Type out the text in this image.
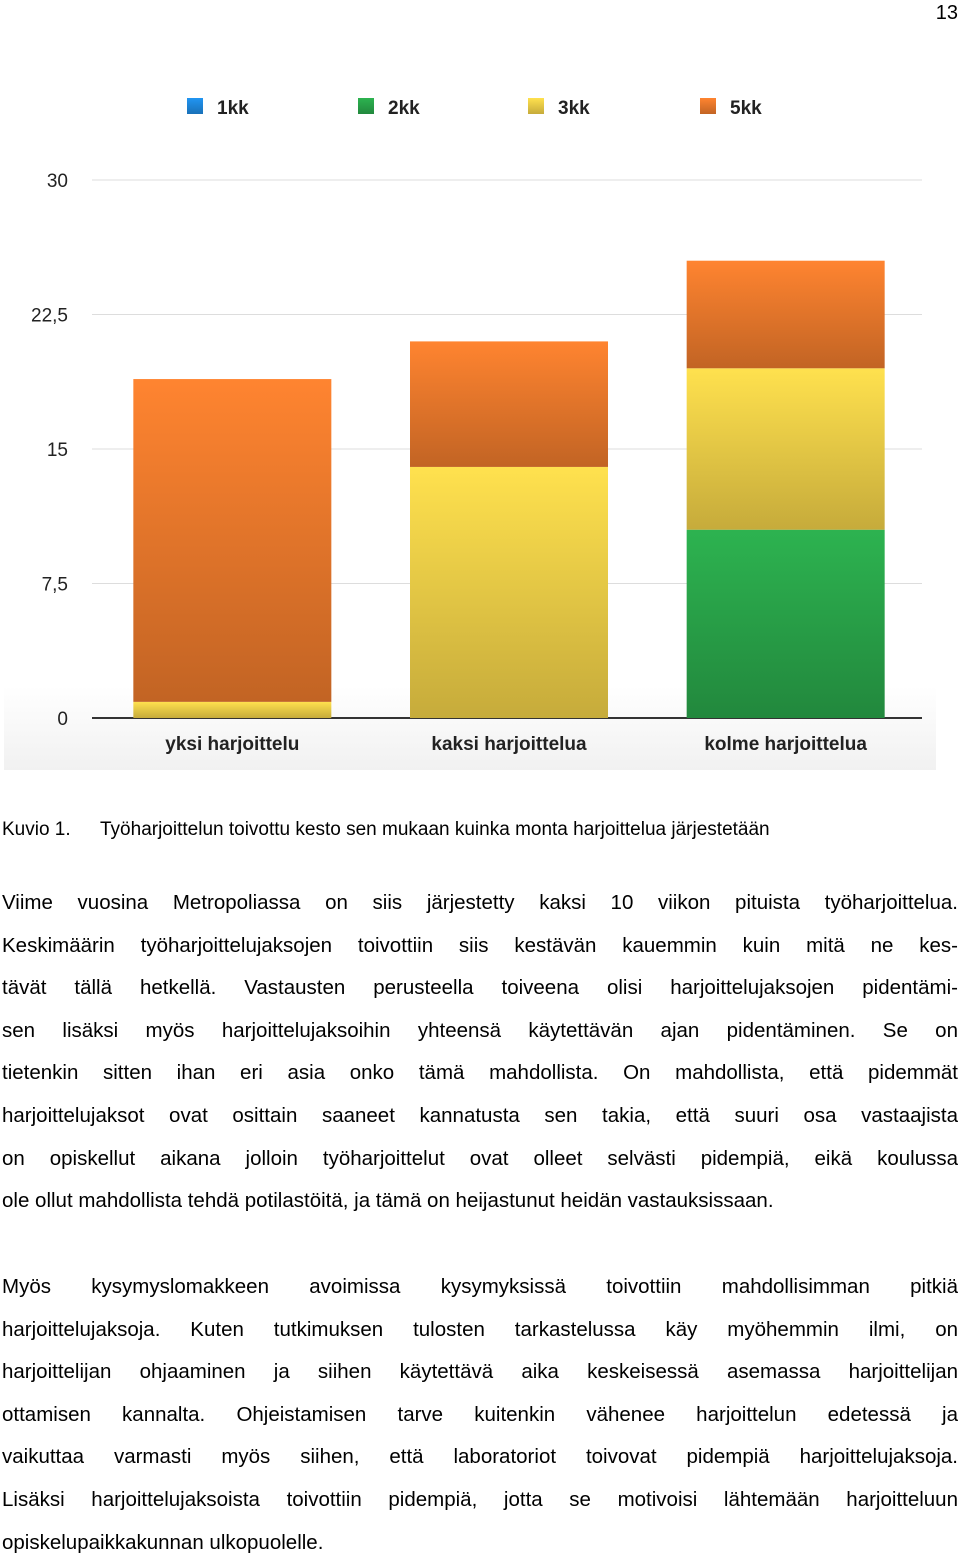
13
0
7,5
15
22,5
30
yksi harjoittelu	kaksi harjoittelua	kolme harjoittelua
1kk	2kk	3kk	5kk
Kuvio 1. Työharjoittelun toivottu kesto sen mukaan kuinka monta harjoittelua järjestetään
Viime vuosina Metropoliassa on siis järjestetty kaksi 10 viikon pituista työharjoittelua.
Keskimäärin työharjoittelujaksojen toivottiin siis kestävän kauemmin kuin mitä ne kes-
tävät tällä hetkellä. Vastausten perusteella toiveena olisi harjoittelujaksojen pidentämi-
sen lisäksi myös harjoittelujaksoihin yhteensä käytettävän ajan pidentäminen. Se on
tietenkin sitten ihan eri asia onko tämä mahdollista. On mahdollista, että pidemmät
harjoittelujaksot ovat osittain saaneet kannatusta sen takia, että suuri osa vastaajista
on opiskellut aikana jolloin työharjoittelut ovat olleet selvästi pidempiä, eikä koulussa
ole ollut mahdollista tehdä potilastöitä, ja tämä on heijastunut heidän vastauksissaan.
Myös kysymyslomakkeen avoimissa kysymyksissä toivottiin mahdollisimman pitkiä
harjoittelujaksoja. Kuten tutkimuksen tulosten tarkastelussa käy myöhemmin ilmi, on
harjoittelijan ohjaaminen ja siihen käytettävä aika keskeisessä asemassa harjoittelijan
ottamisen kannalta. Ohjeistamisen tarve kuitenkin vähenee harjoittelun edetessä ja
vaikuttaa varmasti myös siihen, että laboratoriot toivovat pidempiä harjoittelujaksoja.
Lisäksi harjoittelujaksoista toivottiin pidempiä, jotta se motivoisi lähtemään harjoitteluun
opiskelupaikkakunnan ulkopuolelle.
